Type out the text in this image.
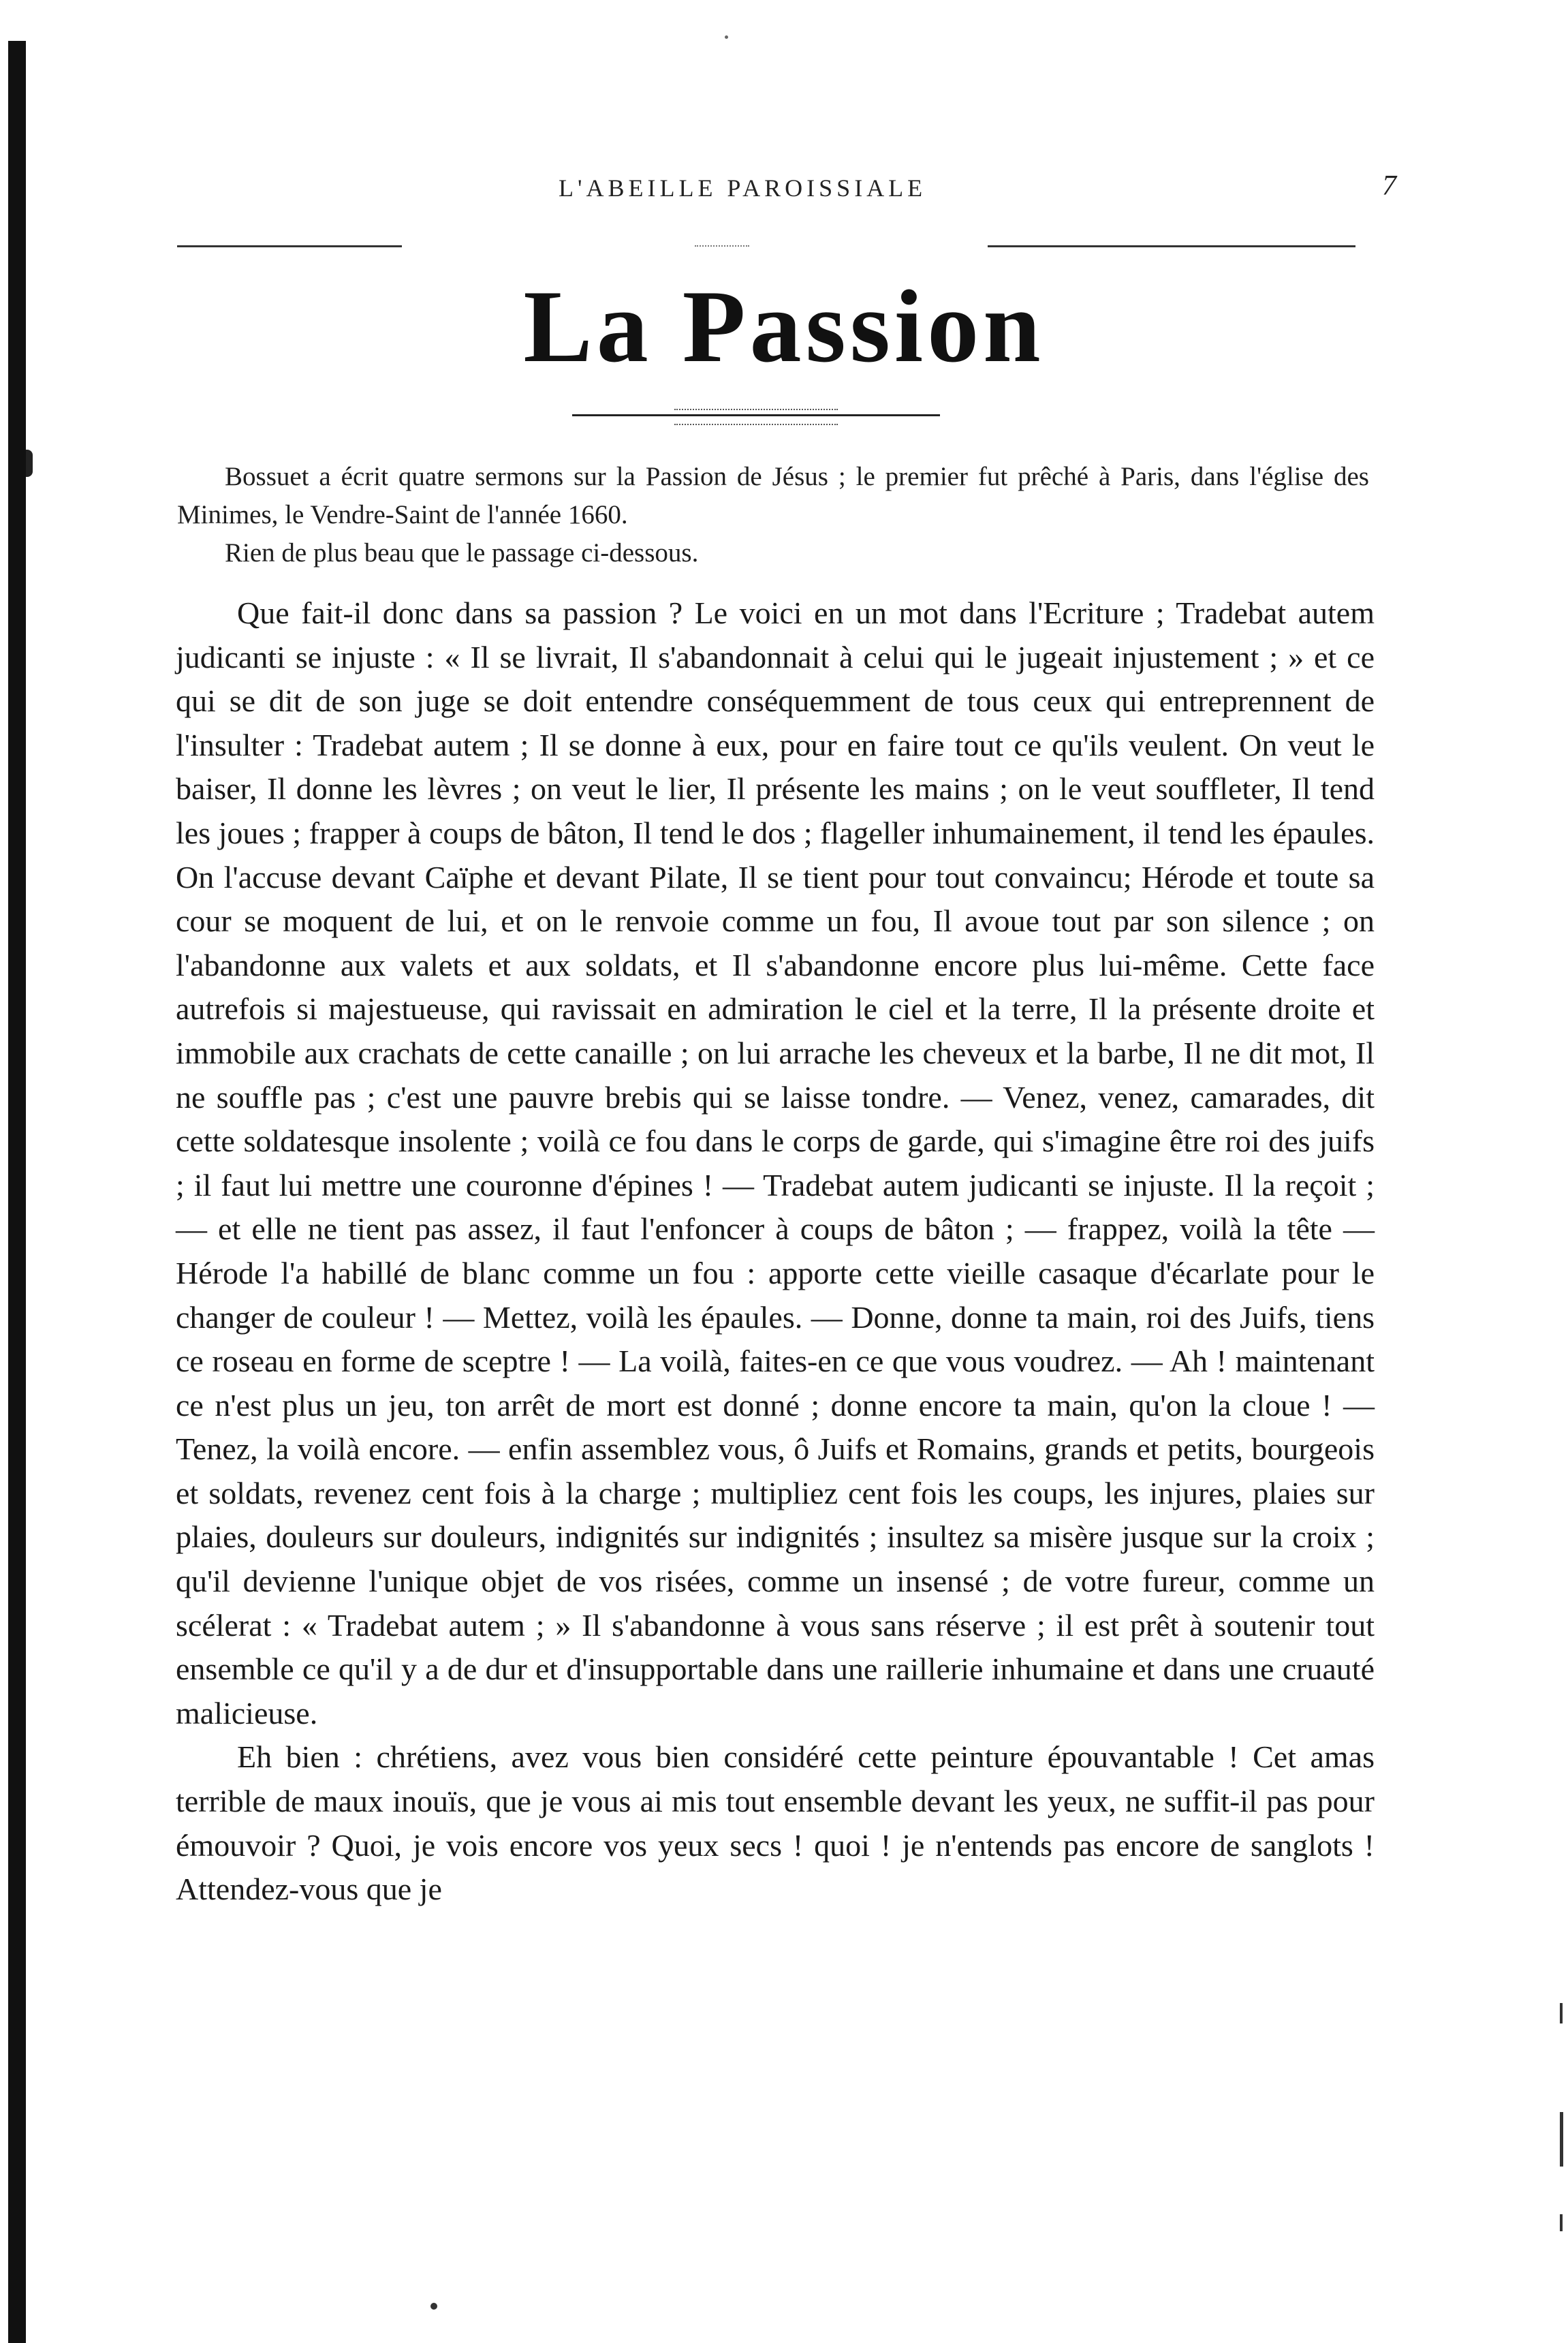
L'ABEILLE PAROISSIALE	7
La Passion

Bossuet a écrit quatre sermons sur la Passion de Jésus ; le premier fut prêché à Paris, dans l'église des Minimes, le Vendre-Saint de l'année 1660.

Rien de plus beau que le passage ci-dessous.

Que fait-il donc dans sa passion ? Le voici en un mot dans l'Ecriture ; Tradebat autem judicanti se injuste : « Il se livrait, Il s'abandonnait à celui qui le jugeait injustement ; » et ce qui se dit de son juge se doit entendre conséquemment de tous ceux qui entreprennent de l'insulter : Tradebat autem ; Il se donne à eux, pour en faire tout ce qu'ils veulent. On veut le baiser, Il donne les lèvres ; on veut le lier, Il présente les mains ; on le veut souffleter, Il tend les joues ; frapper à coups de bâton, Il tend le dos ; flageller inhumainement, il tend les épaules. On l'accuse devant Caïphe et devant Pilate, Il se tient pour tout convaincu; Hérode et toute sa cour se moquent de lui, et on le renvoie comme un fou, Il avoue tout par son silence ; on l'abandonne aux valets et aux soldats, et Il s'abandonne encore plus lui-même. Cette face autrefois si majestueuse, qui ravissait en admiration le ciel et la terre, Il la présente droite et immobile aux crachats de cette canaille ; on lui arrache les cheveux et la barbe, Il ne dit mot, Il ne souffle pas ; c'est une pauvre brebis qui se laisse tondre. — Venez, venez, camarades, dit cette soldatesque insolente ; voilà ce fou dans le corps de garde, qui s'imagine être roi des juifs ; il faut lui mettre une couronne d'épines ! — Tradebat autem judicanti se injuste. Il la reçoit ; — et elle ne tient pas assez, il faut l'enfoncer à coups de bâton ; — frappez, voilà la tête — Hérode l'a habillé de blanc comme un fou : apporte cette vieille casaque d'écarlate pour le changer de couleur ! — Mettez, voilà les épaules. — Donne, donne ta main, roi des Juifs, tiens ce roseau en forme de sceptre ! — La voilà, faites-en ce que vous voudrez. — Ah ! maintenant ce n'est plus un jeu, ton arrêt de mort est donné ; donne encore ta main, qu'on la cloue ! — Tenez, la voilà encore. — enfin assemblez vous, ô Juifs et Romains, grands et petits, bourgeois et soldats, revenez cent fois à la charge ; multipliez cent fois les coups, les injures, plaies sur plaies, douleurs sur douleurs, indignités sur indignités ; insultez sa misère jusque sur la croix ; qu'il devienne l'unique objet de vos risées, comme un insensé ; de votre fureur, comme un scélerat : « Tradebat autem ; » Il s'abandonne à vous sans réserve ; il est prêt à soutenir tout ensemble ce qu'il y a de dur et d'insupportable dans une raillerie inhumaine et dans une cruauté malicieuse.

Eh bien : chrétiens, avez vous bien considéré cette peinture épouvantable ! Cet amas terrible de maux inouïs, que je vous ai mis tout ensemble devant les yeux, ne suffit-il pas pour émouvoir ? Quoi, je vois encore vos yeux secs ! quoi ! je n'entends pas encore de sanglots ! Attendez-vous que je
